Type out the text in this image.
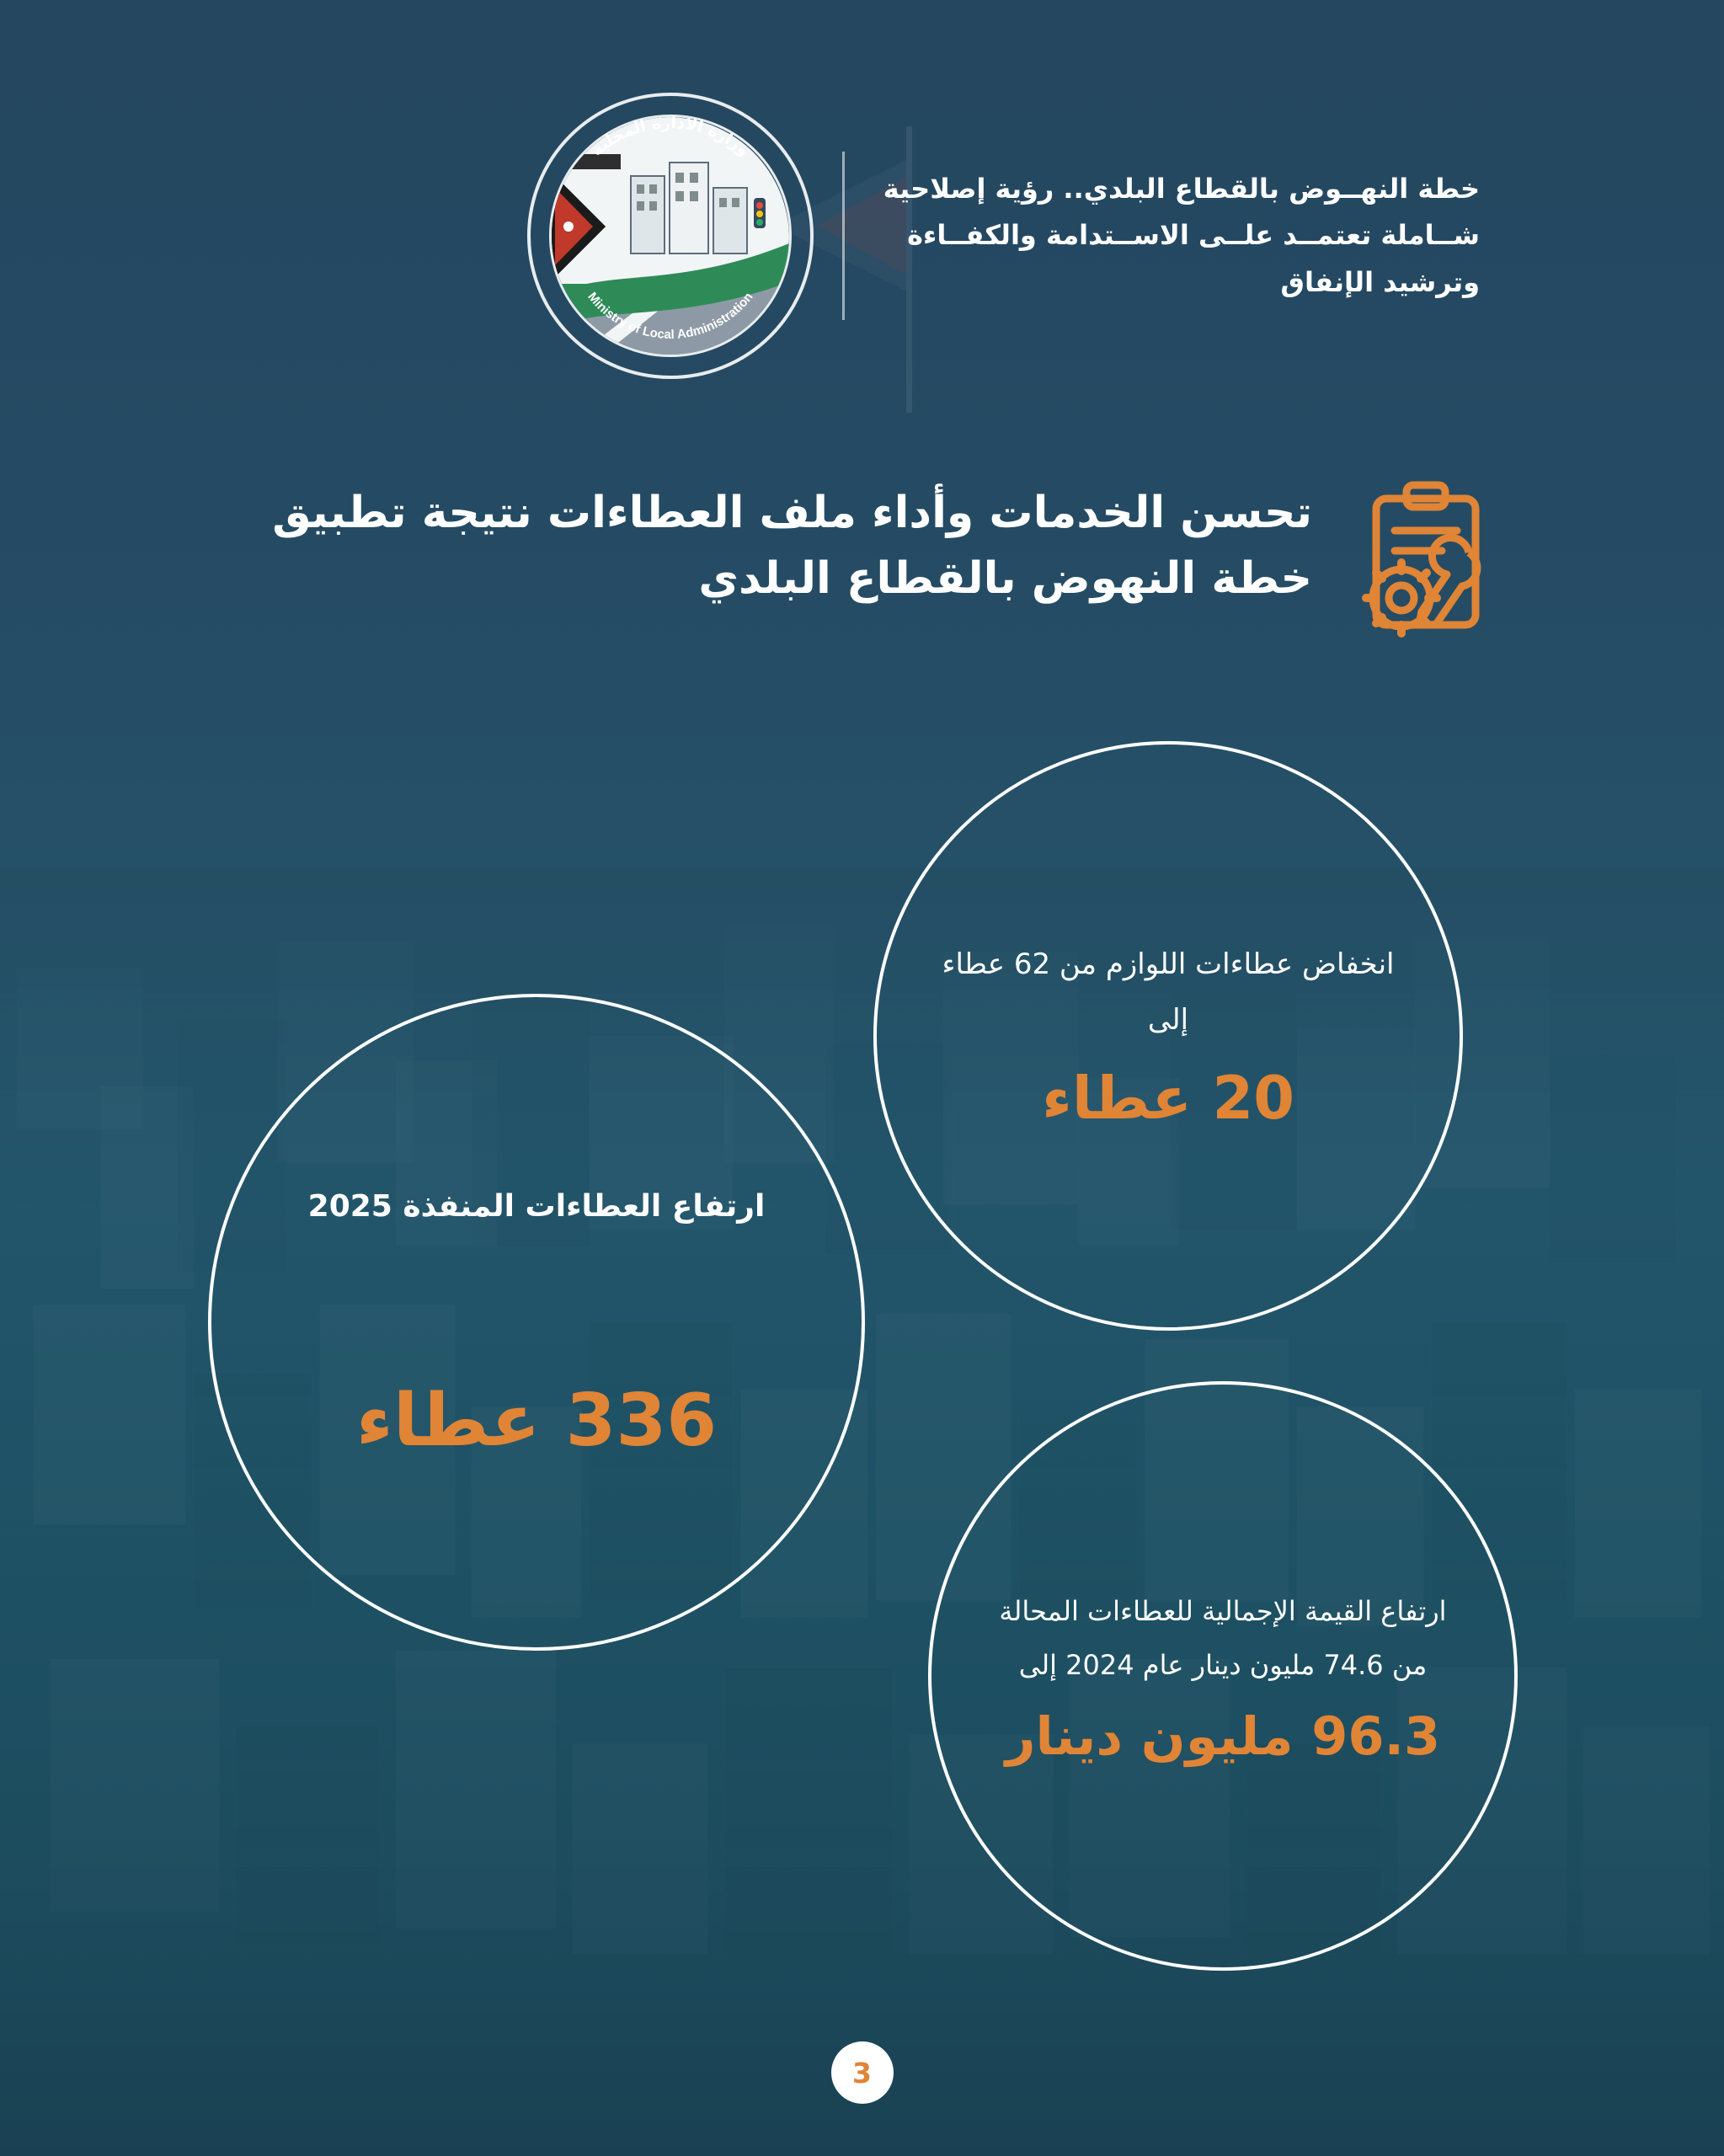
خطة النهــوض بالقطاع البلدي.. رؤية إصلاحية شــاملة تعتمــد علــى الاســتدامة والكفــاءة وترشيد الإنفاق
وزارة الادارة المحلية
Ministry of Local Administration
تحسن الخدمات وأداء ملف العطاءات نتيجة تطبيق خطة النهوض بالقطاع البلدي
انخفاض عطاءات اللوازم من 62 عطاء إلى
20 عطاء
ارتفاع العطاءات المنفذة 2025
336 عطاء
ارتفاع القيمة الإجمالية للعطاءات المحالة من 74.6 مليون دينار عام 2024 إلى
96.3 مليون دينار
3
